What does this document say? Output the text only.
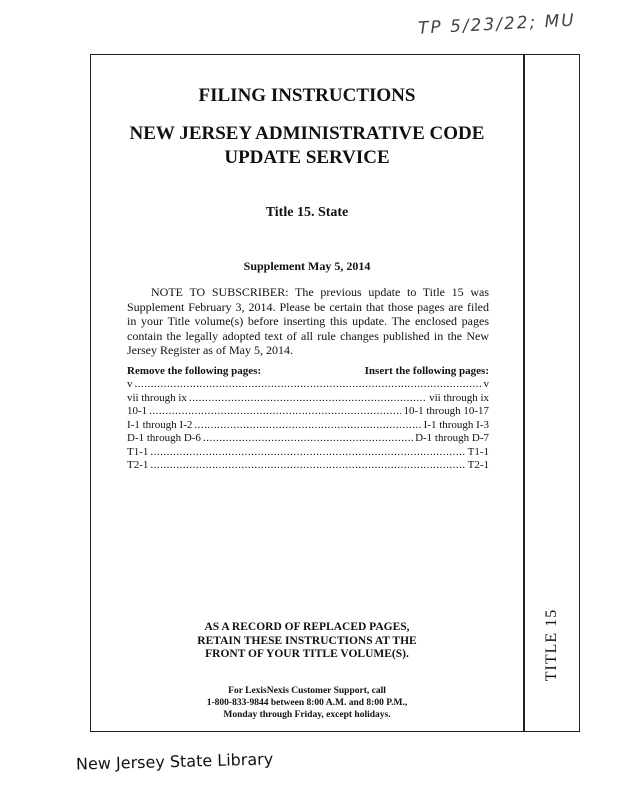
TP 5/23/22; MU
FILING INSTRUCTIONS
NEW JERSEY ADMINISTRATIVE CODE
UPDATE SERVICE
Title 15. State
Supplement May 5, 2014
NOTE TO SUBSCRIBER: The previous update to Title 15 was Supplement February 3, 2014. Please be certain that those pages are filed in your Title volume(s) before inserting this update. The enclosed pages contain the legally adopted text of all rule changes published in the New Jersey Register as of May 5, 2014.
Remove the following pages:	Insert the following pages:
v .....	v
vii through ix .....	vii through ix
10-1 .....	10-1 through 10-17
I-1 through I-2 .....	I-1 through I-3
D-1 through D-6 .....	D-1 through D-7
T1-1 .....	T1-1
T2-1 .....	T2-1
AS A RECORD OF REPLACED PAGES,
RETAIN THESE INSTRUCTIONS AT THE
FRONT OF YOUR TITLE VOLUME(S).
For LexisNexis Customer Support, call
1-800-833-9844 between 8:00 A.M. and 8:00 P.M.,
Monday through Friday, except holidays.
TITLE 15
New Jersey State Library
